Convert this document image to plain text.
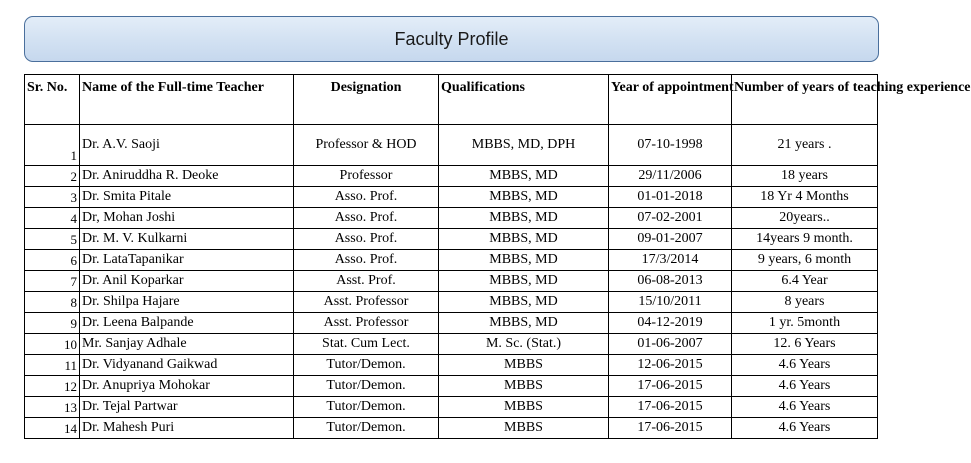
Faculty Profile
Sr. No.	Name of the Full-time Teacher	Designation	Qualifications	Year of appointment	Number of years of teaching experience
1	Dr. A.V. Saoji	Professor & HOD	MBBS, MD, DPH	07-10-1998	21 years .
2	Dr. Aniruddha R. Deoke	Professor	MBBS, MD	29/11/2006	18 years
3	Dr. Smita Pitale	Asso. Prof.	MBBS, MD	01-01-2018	18 Yr 4 Months
4	Dr, Mohan Joshi	Asso. Prof.	MBBS, MD	07-02-2001	20years..
5	Dr. M. V. Kulkarni	Asso. Prof.	MBBS, MD	09-01-2007	14years 9 month.
6	Dr. LataTapanikar	Asso. Prof.	MBBS, MD	17/3/2014	9 years, 6 month
7	Dr. Anil Koparkar	Asst. Prof.	MBBS, MD	06-08-2013	6.4 Year
8	Dr. Shilpa Hajare	Asst. Professor	MBBS, MD	15/10/2011	8 years
9	Dr. Leena Balpande	Asst. Professor	MBBS, MD	04-12-2019	1 yr. 5month
10	Mr. Sanjay Adhale	Stat. Cum Lect.	M. Sc. (Stat.)	01-06-2007	12. 6 Years
11	Dr. Vidyanand Gaikwad	Tutor/Demon.	MBBS	12-06-2015	4.6 Years
12	Dr. Anupriya Mohokar	Tutor/Demon.	MBBS	17-06-2015	4.6 Years
13	Dr. Tejal Partwar	Tutor/Demon.	MBBS	17-06-2015	4.6 Years
14	Dr. Mahesh Puri	Tutor/Demon.	MBBS	17-06-2015	4.6 Years
